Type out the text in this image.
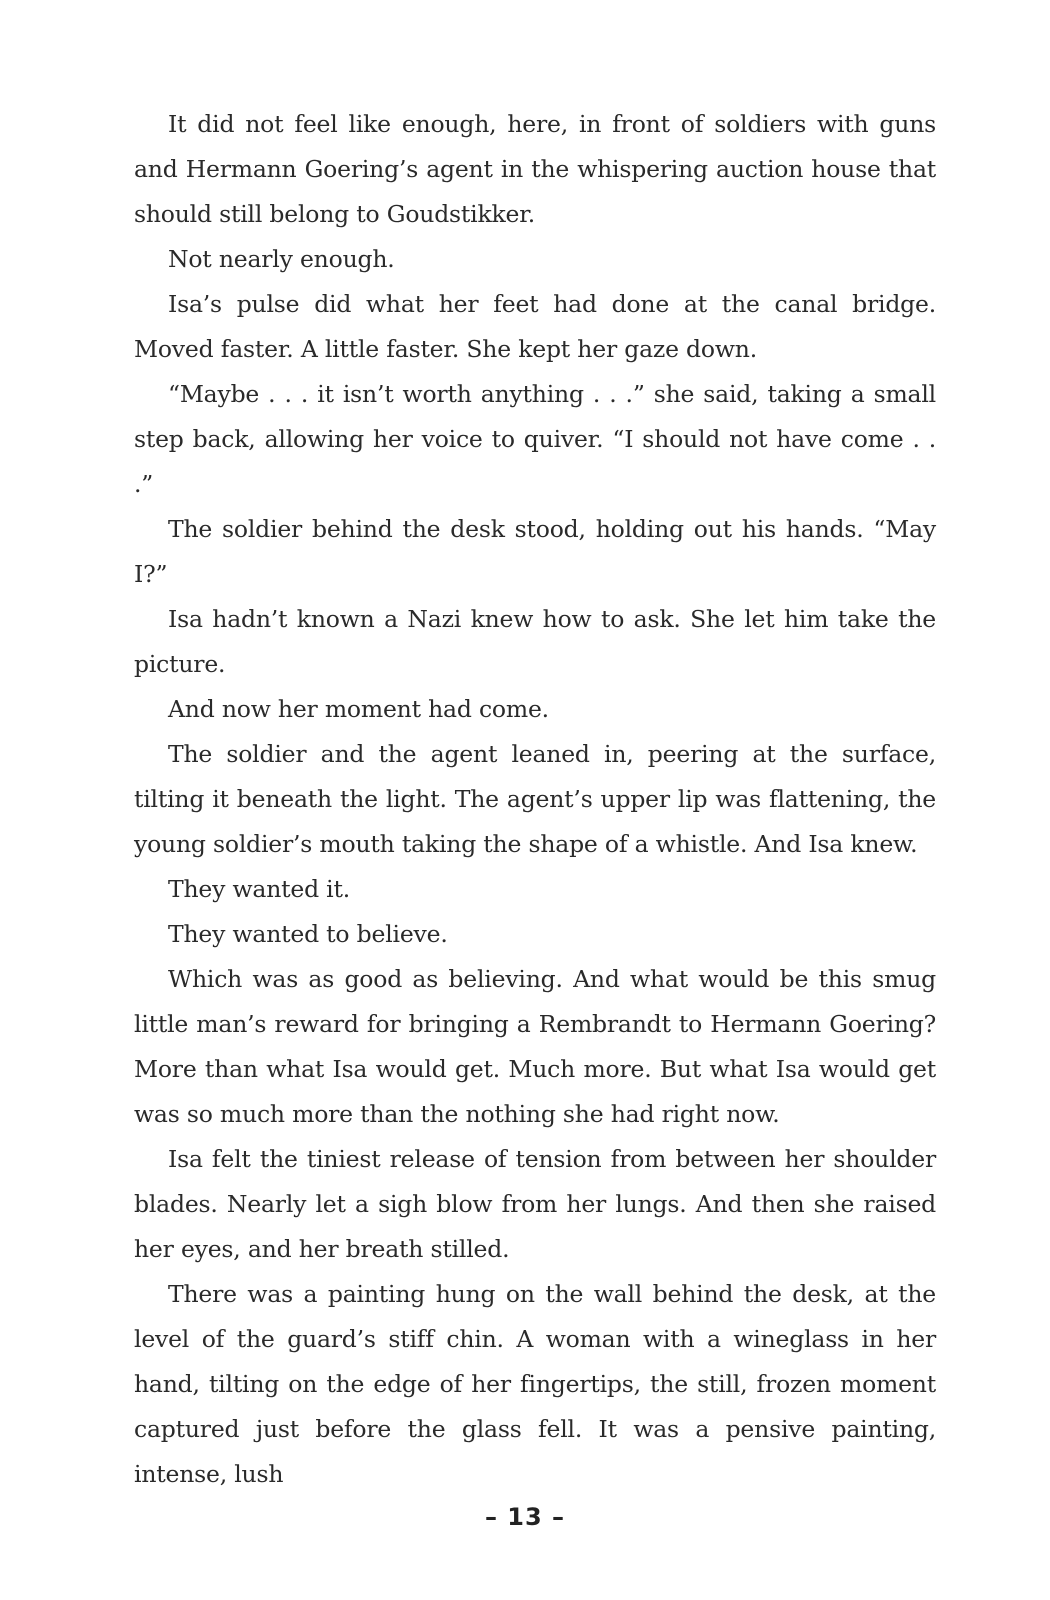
It did not feel like enough, here, in front of soldiers with guns and Hermann Goering’s agent in the whispering auction house that should still belong to Goudstikker.

Not nearly enough.

Isa’s pulse did what her feet had done at the canal bridge. Moved faster. A little faster. She kept her gaze down.

“Maybe . . . it isn’t worth anything . . .” she said, taking a small step back, allowing her voice to quiver. “I should not have come . . .”

The soldier behind the desk stood, holding out his hands. “May I?”

Isa hadn’t known a Nazi knew how to ask. She let him take the picture.

And now her moment had come.

The soldier and the agent leaned in, peering at the surface, tilting it beneath the light. The agent’s upper lip was flattening, the young soldier’s mouth taking the shape of a whistle. And Isa knew.

They wanted it.

They wanted to believe.

Which was as good as believing. And what would be this smug little man’s reward for bringing a Rembrandt to Hermann Goering? More than what Isa would get. Much more. But what Isa would get was so much more than the nothing she had right now.

Isa felt the tiniest release of tension from between her shoulder blades. Nearly let a sigh blow from her lungs. And then she raised her eyes, and her breath stilled.

There was a painting hung on the wall behind the desk, at the level of the guard’s stiff chin. A woman with a wineglass in her hand, tilting on the edge of her fingertips, the still, frozen moment captured just before the glass fell. It was a pensive painting, intense, lush

– 13 –
